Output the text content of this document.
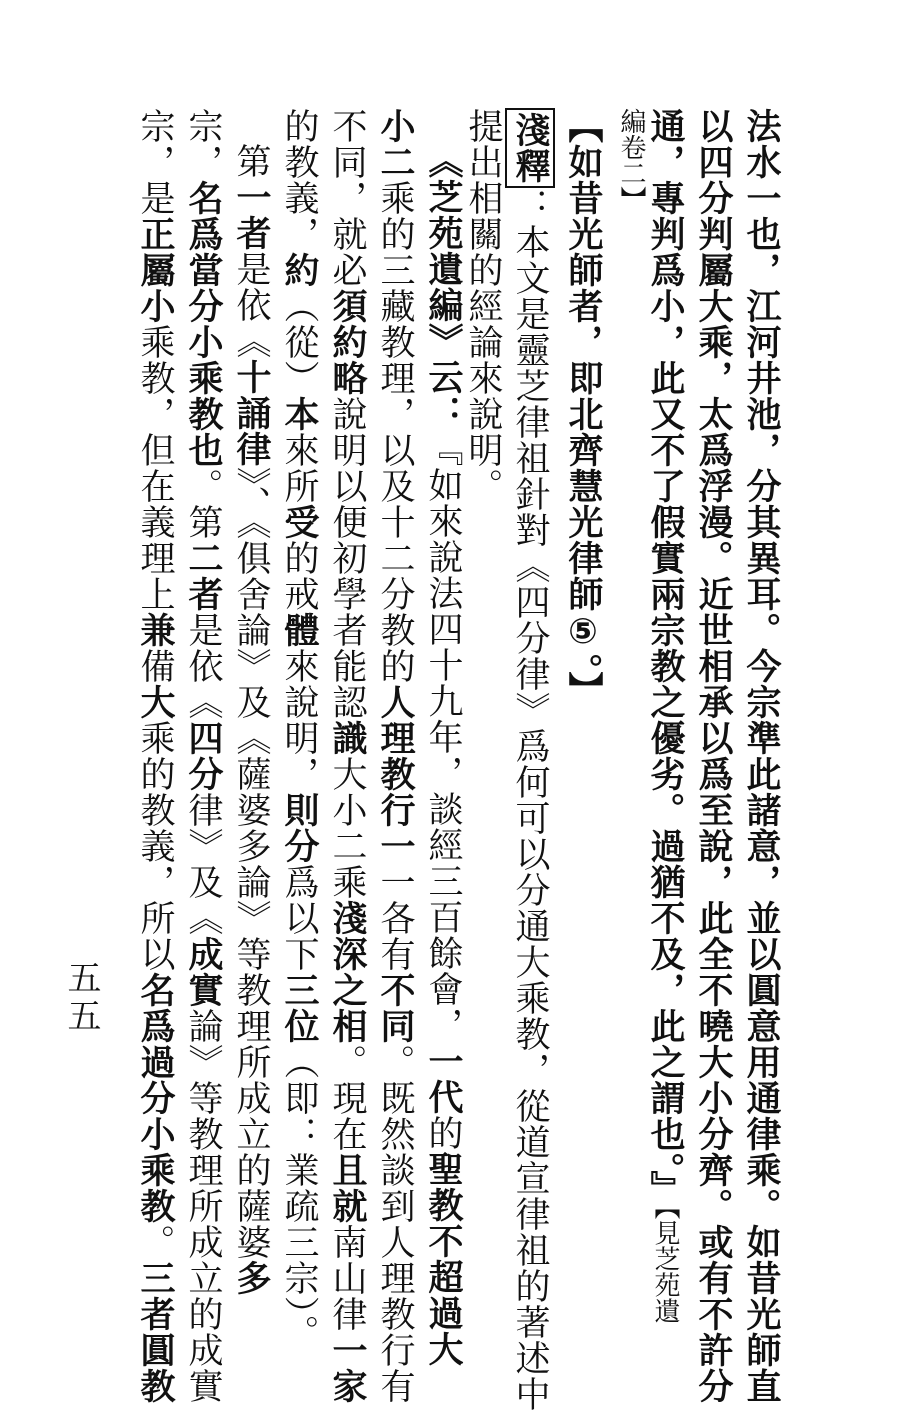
法水一也，江河井池，分其異耳。今宗準此諸意，並以圓意用通律乘。如昔光師直
以四分判屬大乘，太爲浮漫。近世相承以爲至說，此全不曉大小分齊。或有不許分
通，專判爲小，此又不了假實兩宗教之優劣。過猶不及，此之謂也。』【見芝苑遺
編卷二】
【如昔光師者，即北齊慧光律師⑤。】
淺釋：本文是靈芝律祖針對《四分律》爲何可以分通大乘教，從道宣律祖的著述中
提出相關的經論來說明。
《芝苑遺編》云：『如來說法四十九年，談經三百餘會，一代的聖教不超過大
小二乘的三藏教理，以及十二分教的人理教行一一各有不同。既然談到人理教行有
不同，就必須約略說明以便初學者能認識大小二乘淺深之相。現在且就南山律一家
的教義，約（從）本來所受的戒體來說明，則分爲以下三位（即：業疏三宗）。
第一者是依《十誦律》、《俱舍論》及《薩婆多論》等教理所成立的薩婆多
宗，名爲當分小乘教也。第二者是依《四分律》及《成實論》等教理所成立的成實
宗，是正屬小乘教，但在義理上兼備大乘的教義，所以名爲過分小乘教。三者圓教
五五
